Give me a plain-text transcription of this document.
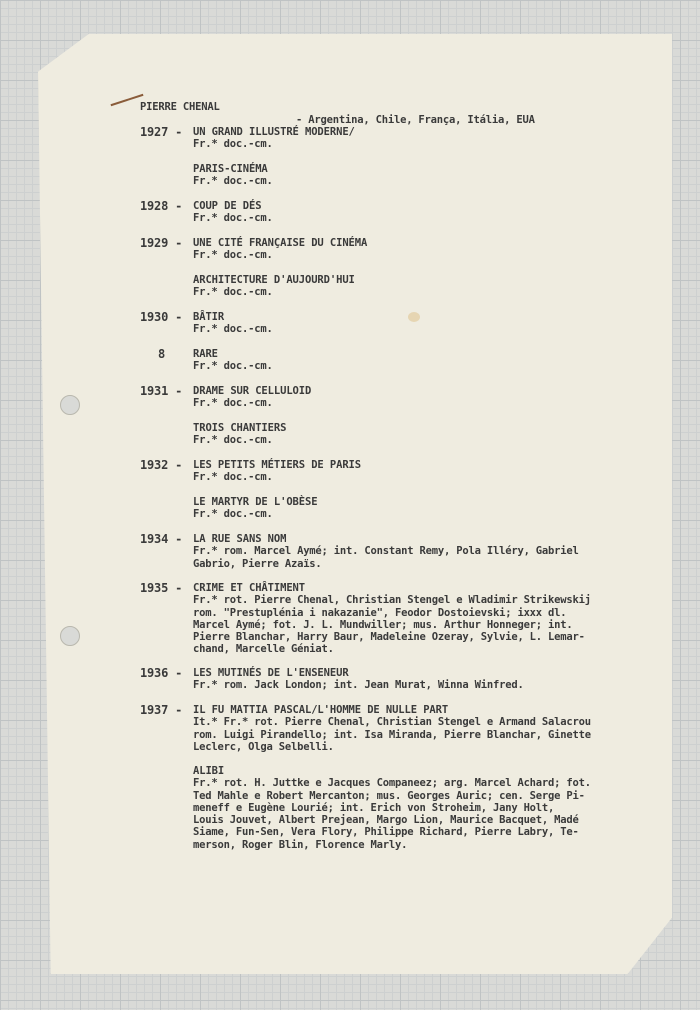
PIERRE CHENAL

- Argentina, Chile, França, Itália, EUA

1927 -	UN GRAND ILLUSTRÉ MODERNE/
Fr.* doc.-cm.
PARIS-CINÉMA
Fr.* doc.-cm.
1928 -	COUP DE DÉS
Fr.* doc.-cm.
1929 -	UNE CITÉ FRANÇAISE DU CINÉMA
Fr.* doc.-cm.
ARCHITECTURE D'AUJOURD'HUI
Fr.* doc.-cm.
1930 -	BÂTIR
Fr.* doc.-cm.
8	RARE
Fr.* doc.-cm.
1931 -	DRAME SUR CELLULOID
Fr.* doc.-cm.
TROIS CHANTIERS
Fr.* doc.-cm.
1932 -	LES PETITS MÉTIERS DE PARIS
Fr.* doc.-cm.
LE MARTYR DE L'OBÈSE
Fr.* doc.-cm.
1934 -	LA RUE SANS NOM
Fr.* rom. Marcel Aymé; int. Constant Remy, Pola Illéry, Gabriel
Gabrio, Pierre Azaïs.
1935 -	CRIME ET CHÂTIMENT
Fr.* rot. Pierre Chenal, Christian Stengel e Wladimir Strikewskij
rom. "Prestuplénia i nakazanie", Feodor Dostoievski; ixxx dl.
Marcel Aymé; fot. J. L. Mundwiller; mus. Arthur Honneger; int.
Pierre Blanchar, Harry Baur, Madeleine Ozeray, Sylvie, L. Lemar-
chand, Marcelle Géniat.
1936 -	LES MUTINÉS DE L'ENSENEUR
Fr.* rom. Jack London; int. Jean Murat, Winna Winfred.
1937 -	IL FU MATTIA PASCAL/L'HOMME DE NULLE PART
It.* Fr.* rot. Pierre Chenal, Christian Stengel e Armand Salacrou
rom. Luigi Pirandello; int. Isa Miranda, Pierre Blanchar, Ginette
Leclerc, Olga Selbelli.
ALIBI
Fr.* rot. H. Juttke e Jacques Companeez; arg. Marcel Achard; fot.
Ted Mahle e Robert Mercanton; mus. Georges Auric; cen. Serge Pi-
meneff e Eugène Lourié; int. Erich von Stroheim, Jany Holt,
Louis Jouvet, Albert Prejean, Margo Lion, Maurice Bacquet, Madé
Siame, Fun-Sen, Vera Flory, Philippe Richard, Pierre Labry, Te-
merson, Roger Blin, Florence Marly.
